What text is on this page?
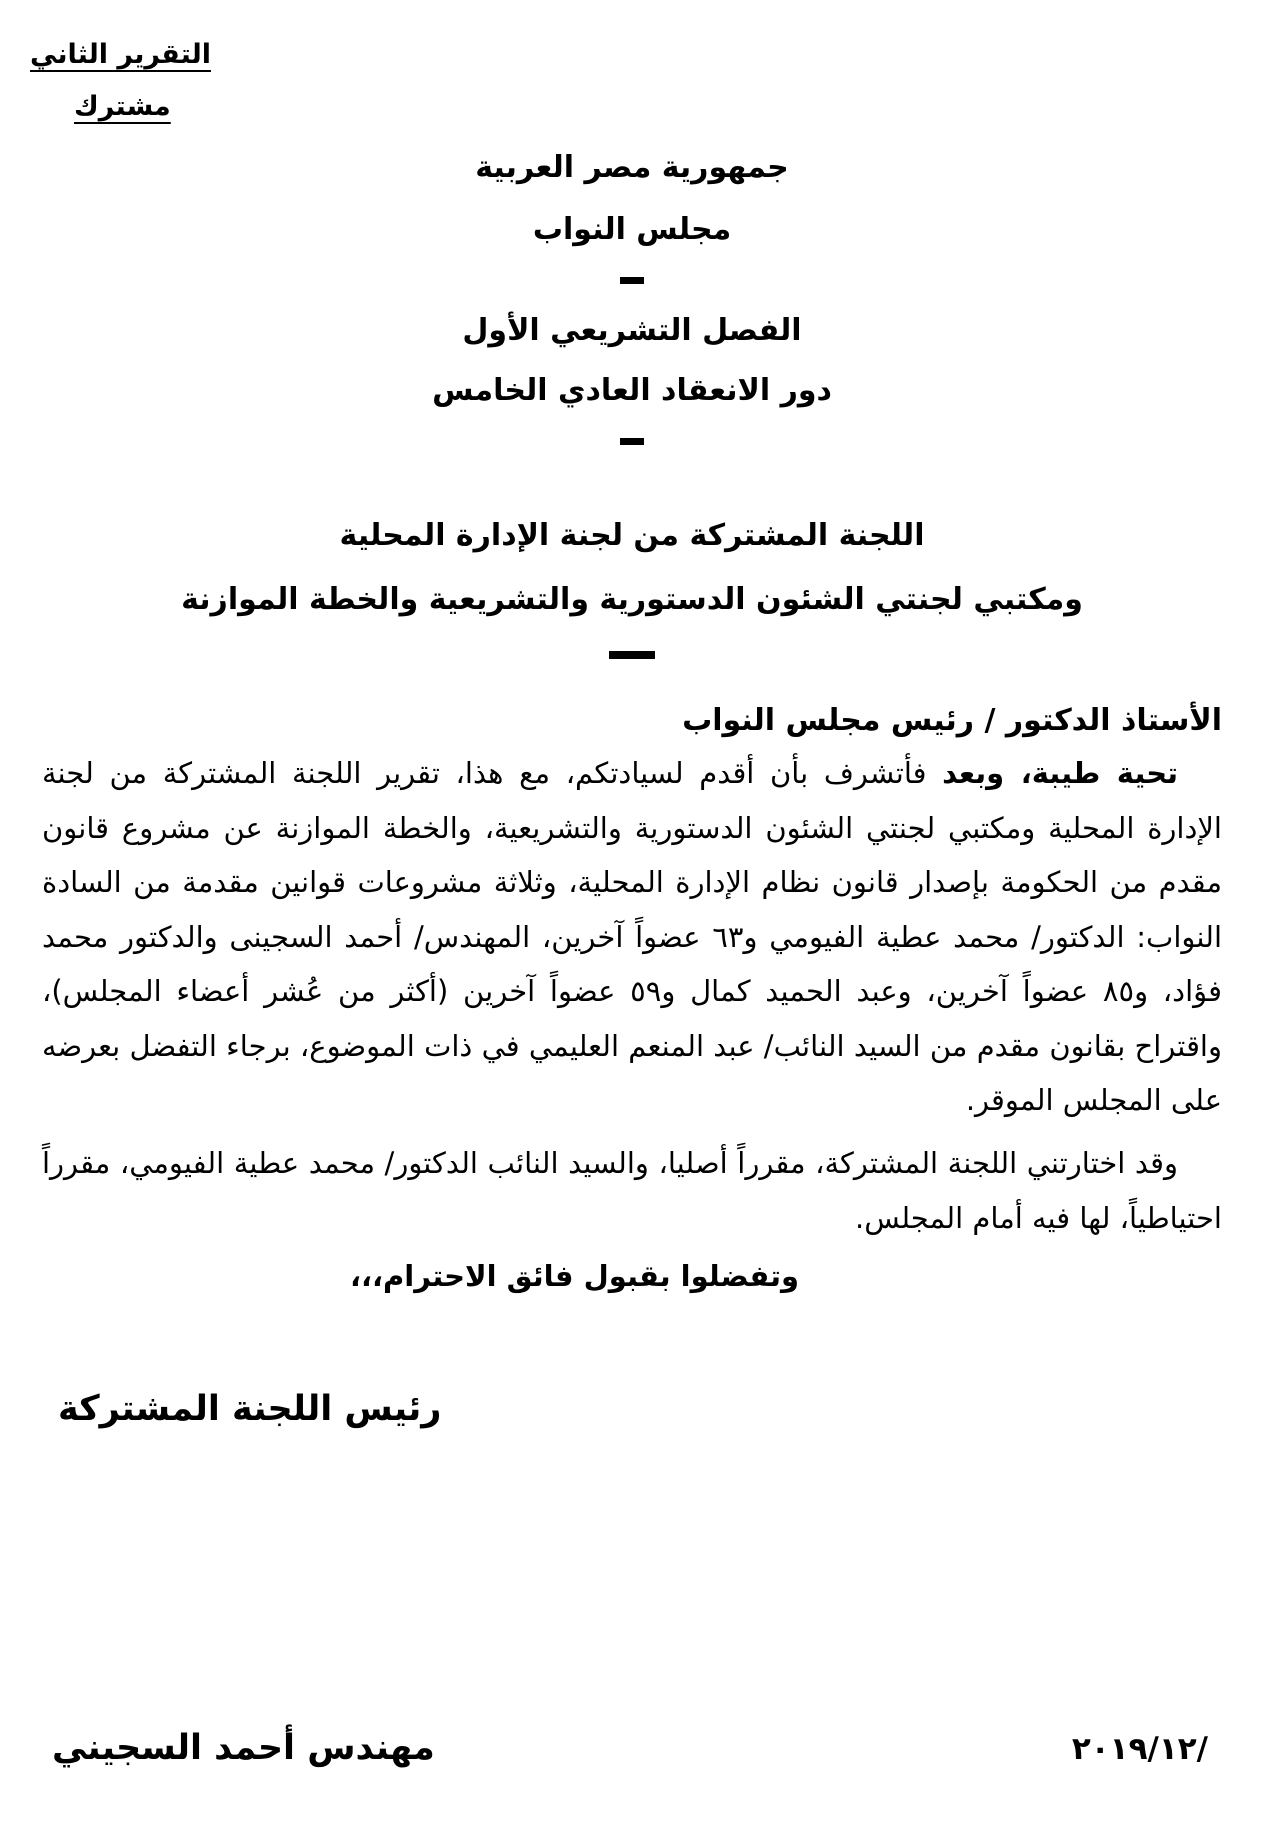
التقرير الثاني
مشترك
جمهورية مصر العربية
مجلس النواب
الفصل التشريعي الأول
دور الانعقاد العادي الخامس
اللجنة المشتركة من لجنة الإدارة المحلية
ومكتبي لجنتي الشئون الدستورية والتشريعية والخطة الموازنة
الأستاذ الدكتور / رئيس مجلس النواب

تحية طيبة، وبعد فأتشرف بأن أقدم لسيادتكم، مع هذا، تقرير اللجنة المشتركة من لجنة الإدارة المحلية ومكتبي لجنتي الشئون الدستورية والتشريعية، والخطة الموازنة عن مشروع قانون مقدم من الحكومة بإصدار قانون نظام الإدارة المحلية، وثلاثة مشروعات قوانين مقدمة من السادة النواب: الدكتور/ محمد عطية الفيومي و٦٣ عضواً آخرين، المهندس/ أحمد السجينى والدكتور محمد فؤاد، و٨٥ عضواً آخرين، وعبد الحميد كمال و٥٩ عضواً آخرين (أكثر من عُشر أعضاء المجلس)، واقتراح بقانون مقدم من السيد النائب/ عبد المنعم العليمي في ذات الموضوع، برجاء التفضل بعرضه على المجلس الموقر.

وقد اختارتني اللجنة المشتركة، مقرراً أصليا، والسيد النائب الدكتور/ محمد عطية الفيومي، مقرراً احتياطياً، لها فيه أمام المجلس.

وتفضلوا بقبول فائق الاحترام،،،
رئيس اللجنة المشتركة
مهندس أحمد السجيني	٢٠١٩/١٢/
